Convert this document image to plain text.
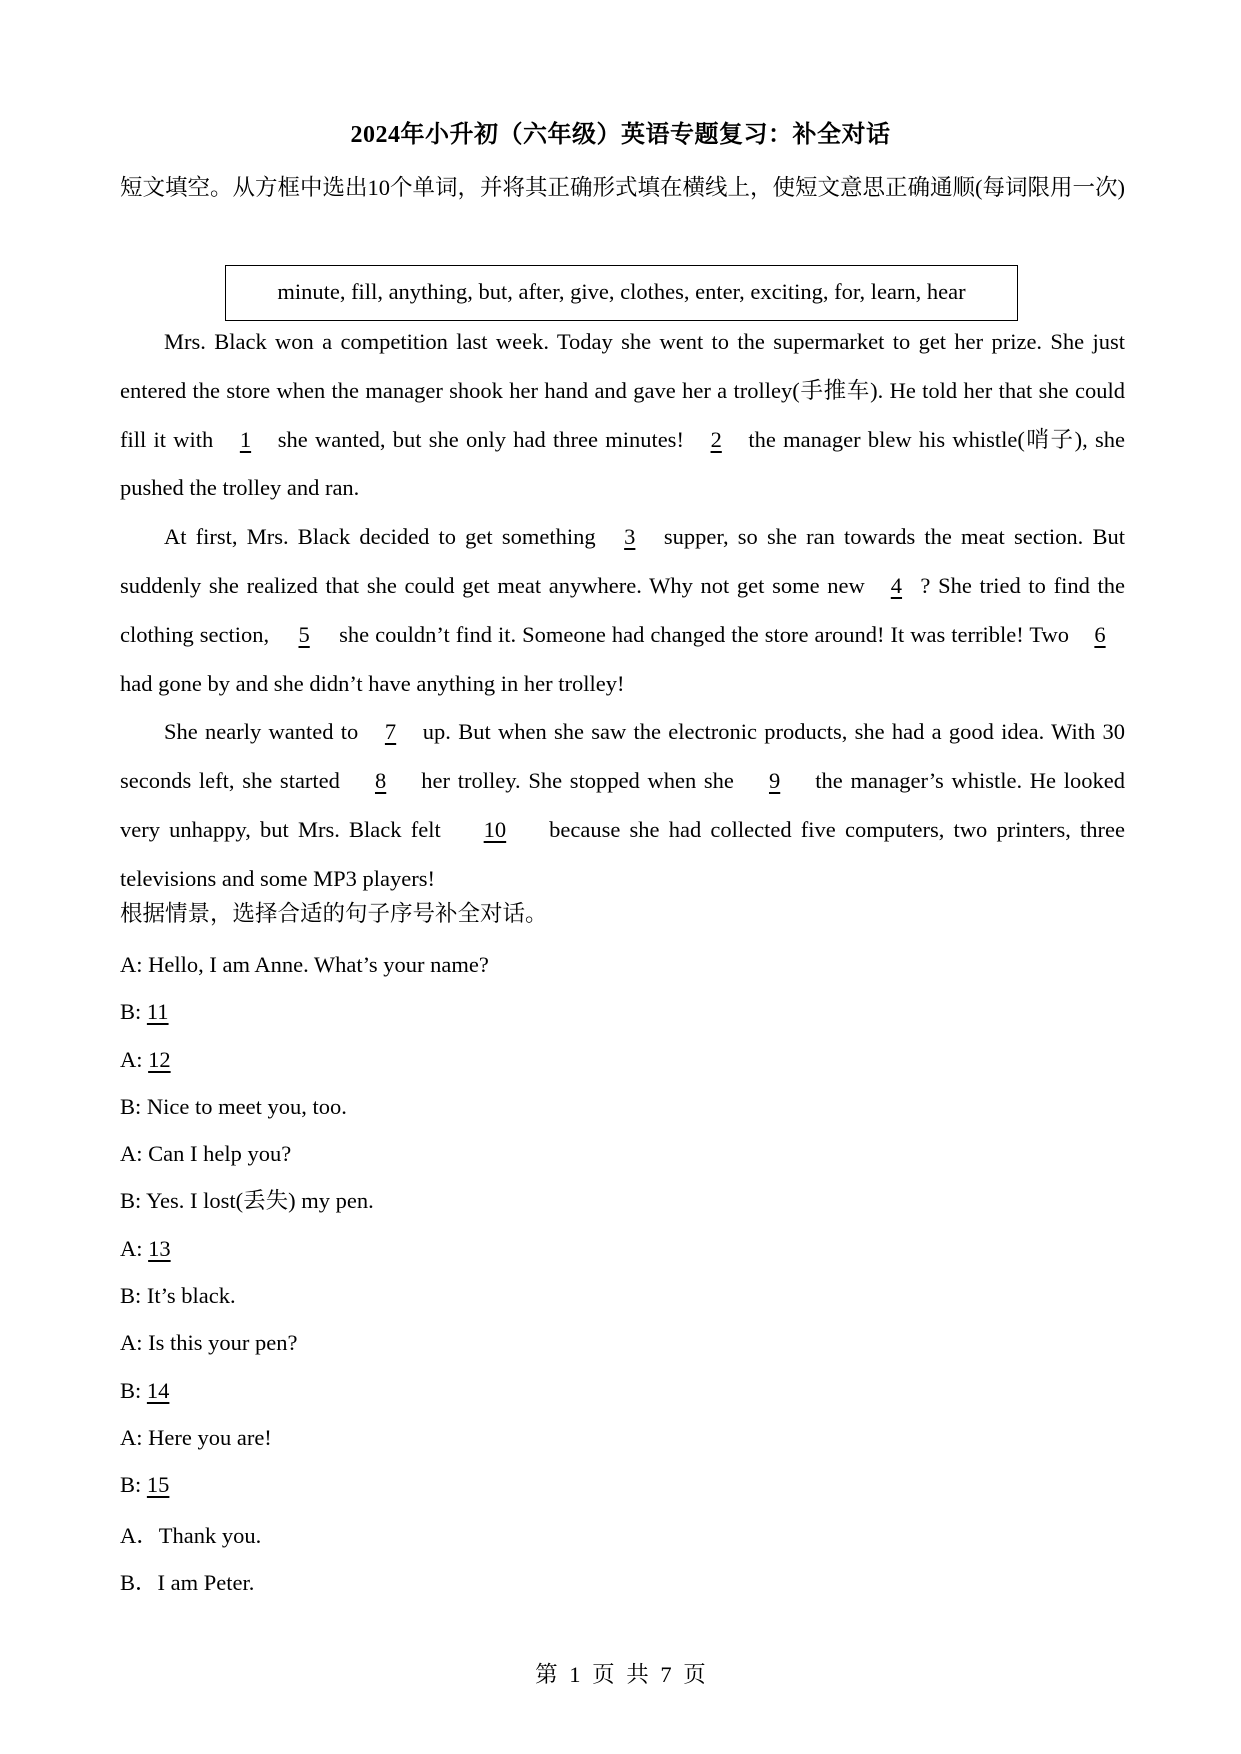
2024年小升初（六年级）英语专题复习：补全对话
短文填空。从方框中选出10个单词，并将其正确形式填在横线上，使短文意思正确通顺(每词限用一次)
minute, fill, anything, but, after, give, clothes, enter, exciting, for, learn, hear

Mrs. Black won a competition last week. Today she went to the supermarket to get her prize. She just entered the store when the manager shook her hand and gave her a trolley(手推车). He told her that she could fill it with 1 she wanted, but she only had three minutes! 2 the manager blew his whistle(哨子), she pushed the trolley and ran.

At first, Mrs. Black decided to get something 3 supper, so she ran towards the meat section. But suddenly she realized that she could get meat anywhere. Why not get some new 4 ? She tried to find the clothing section, 5 she couldn’t find it. Someone had changed the store around! It was terrible! Two 6 had gone by and she didn’t have anything in her trolley!

She nearly wanted to 7 up. But when she saw the electronic products, she had a good idea. With 30 seconds left, she started 8 her trolley. She stopped when she 9 the manager’s whistle. He looked very unhappy, but Mrs. Black felt 10 because she had collected five computers, two printers, three televisions and some MP3 players!

根据情景，选择合适的句子序号补全对话。
A: Hello, I am Anne. What’s your name?
B: 11
A: 12
B: Nice to meet you, too.
A: Can I help you?
B: Yes. I lost(丢失) my pen.
A: 13
B: It’s black.
A: Is this your pen?
B: 14
A: Here you are!
B: 15
A．Thank you.
B．I am Peter.
第 1 页 共 7 页
